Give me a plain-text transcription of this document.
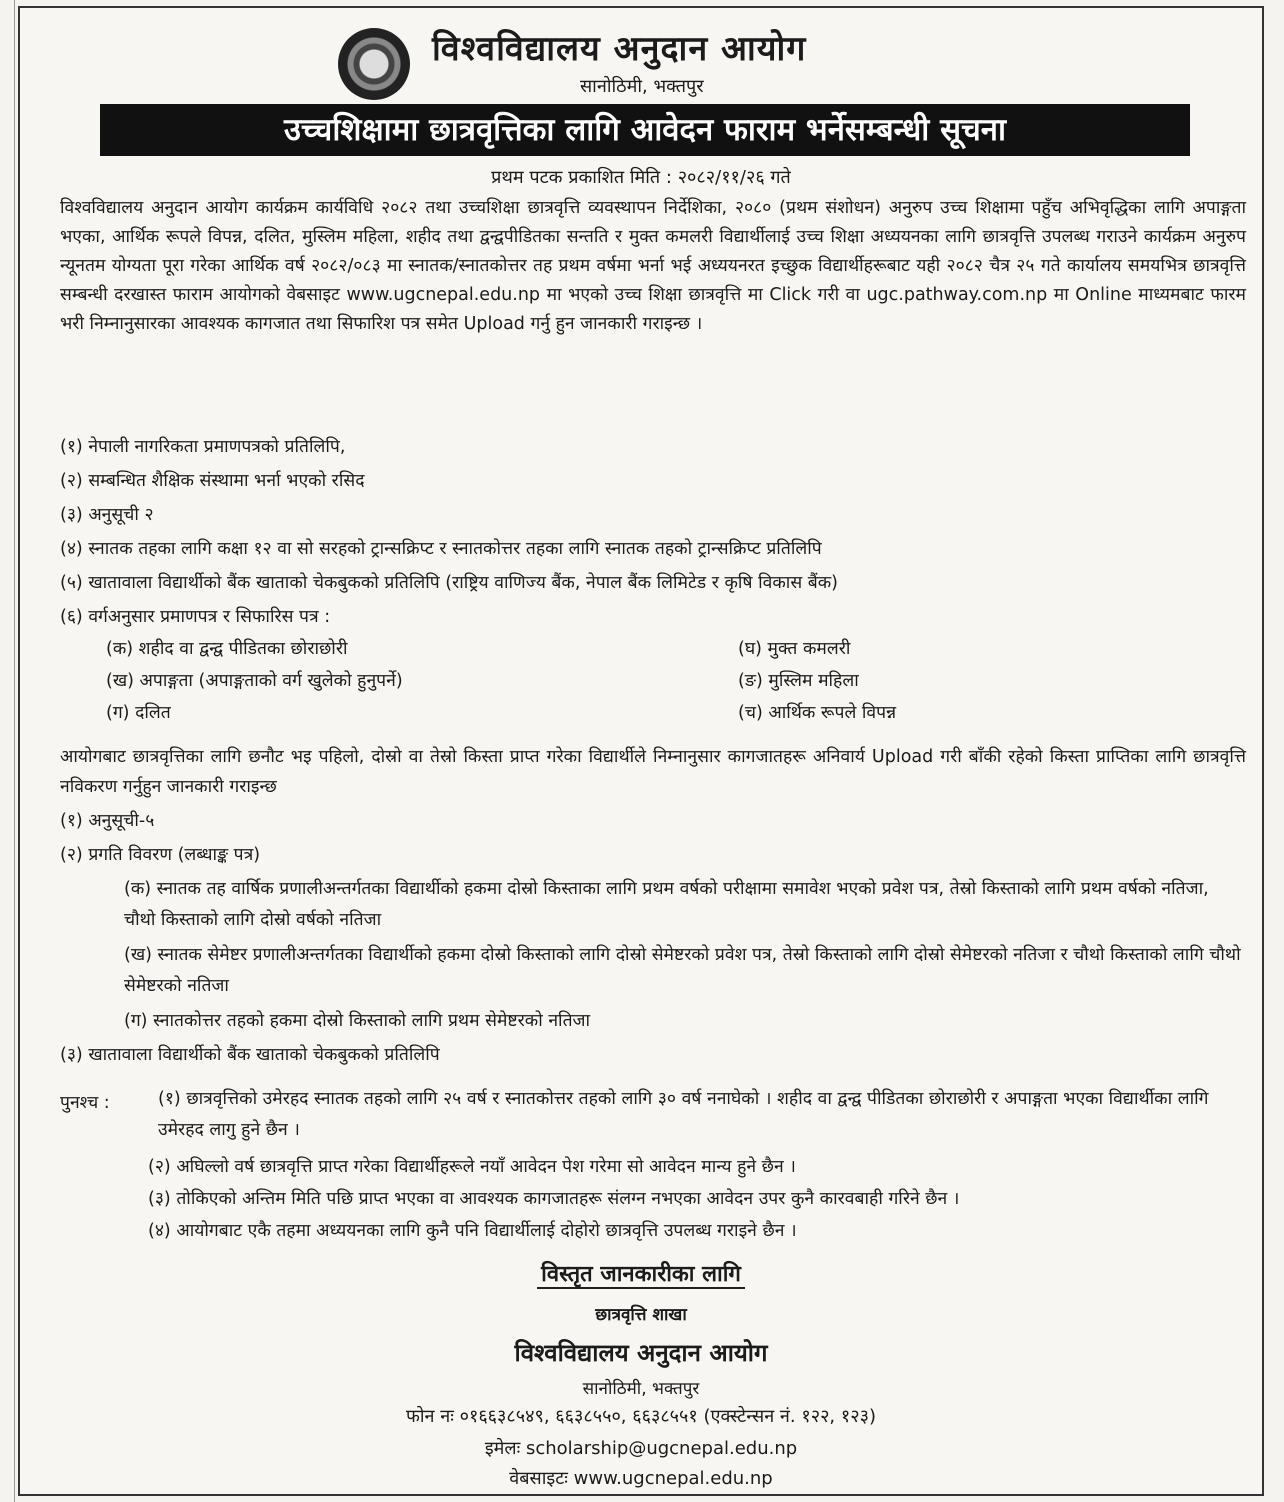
विश्वविद्यालय अनुदान आयोग
सानोठिमी, भक्तपुर
उच्चशिक्षामा छात्रवृत्तिका लागि आवेदन फाराम भर्नेसम्बन्धी सूचना
प्रथम पटक प्रकाशित मिति : २०८२/११/२६ गते
विश्वविद्यालय अनुदान आयोग कार्यक्रम कार्यविधि २०८२ तथा उच्चशिक्षा छात्रवृत्ति व्यवस्थापन निर्देशिका, २०८० (प्रथम संशोधन) अनुरुप उच्च शिक्षामा पहुँच अभिवृद्धिका लागि अपाङ्गता भएका, आर्थिक रूपले विपन्न, दलित, मुस्लिम महिला, शहीद तथा द्वन्द्वपीडितका सन्तति र मुक्त कमलरी विद्यार्थीलाई उच्च शिक्षा अध्ययनका लागि छात्रवृत्ति उपलब्ध गराउने कार्यक्रम अनुरुप न्यूनतम योग्यता पूरा गरेका आर्थिक वर्ष २०८२/०८३ मा स्नातक/स्नातकोत्तर तह प्रथम वर्षमा भर्ना भई अध्ययनरत इच्छुक विद्यार्थीहरूबाट यही २०८२ चैत्र २५ गते कार्यालय समयभित्र छात्रवृत्ति सम्बन्धी दरखास्त फाराम आयोगको वेबसाइट www.ugcnepal.edu.np मा भएको उच्च शिक्षा छात्रवृत्ति मा Click गरी वा ugc.pathway.com.np मा Online माध्यमबाट फारम भरी निम्नानुसारका आवश्यक कागजात तथा सिफारिश पत्र समेत Upload गर्नु हुन जानकारी गराइन्छ ।
(१) नेपाली नागरिकता प्रमाणपत्रको प्रतिलिपि,
(२) सम्बन्धित शैक्षिक संस्थामा भर्ना भएको रसिद
(३) अनुसूची २
(४) स्नातक तहका लागि कक्षा १२ वा सो सरहको ट्रान्सक्रिप्ट र स्नातकोत्तर तहका लागि स्नातक तहको ट्रान्सक्रिप्ट प्रतिलिपि
(५) खातावाला विद्यार्थीको बैंक खाताको चेकबुकको प्रतिलिपि (राष्ट्रिय वाणिज्य बैंक, नेपाल बैंक लिमिटेड र कृषि विकास बैंक)
(६) वर्गअनुसार प्रमाणपत्र र सिफारिस पत्र :
(क) शहीद वा द्वन्द्व पीडितका छोराछोरी	(घ) मुक्त कमलरी
(ख) अपाङ्गता (अपाङ्गताको वर्ग खुलेको हुनुपर्ने)	(ङ) मुस्लिम महिला
(ग) दलित	(च) आर्थिक रूपले विपन्न
आयोगबाट छात्रवृत्तिका लागि छनौट भइ पहिलो, दोस्रो वा तेस्रो किस्ता प्राप्त गरेका विद्यार्थीले निम्नानुसार कागजातहरू अनिवार्य Upload गरी बाँकी रहेको किस्ता प्राप्तिका लागि छात्रवृत्ति नविकरण गर्नुहुन जानकारी गराइन्छ
(१) अनुसूची-५
(२) प्रगति विवरण (लब्धाङ्क पत्र)
(क) स्नातक तह वार्षिक प्रणालीअन्तर्गतका विद्यार्थीको हकमा दोस्रो किस्ताका लागि प्रथम वर्षको परीक्षामा समावेश भएको प्रवेश पत्र, तेस्रो किस्ताको लागि प्रथम वर्षको नतिजा, चौथो किस्ताको लागि दोस्रो वर्षको नतिजा
(ख) स्नातक सेमेष्टर प्रणालीअन्तर्गतका विद्यार्थीको हकमा दोस्रो किस्ताको लागि दोस्रो सेमेष्टरको प्रवेश पत्र, तेस्रो किस्ताको लागि दोस्रो सेमेष्टरको नतिजा र चौथो किस्ताको लागि चौथो सेमेष्टरको नतिजा
(ग) स्नातकोत्तर तहको हकमा दोस्रो किस्ताको लागि प्रथम सेमेष्टरको नतिजा
(३) खातावाला विद्यार्थीको बैंक खाताको चेकबुकको प्रतिलिपि
पुनश्च :	(१) छात्रवृत्तिको उमेरहद स्नातक तहको लागि २५ वर्ष र स्नातकोत्तर तहको लागि ३० वर्ष ननाघेको । शहीद वा द्वन्द्व पीडितका छोराछोरी र अपाङ्गता भएका विद्यार्थीका लागि उमेरहद लागु हुने छैन ।
(२) अघिल्लो वर्ष छात्रवृत्ति प्राप्त गरेका विद्यार्थीहरूले नयाँ आवेदन पेश गरेमा सो आवेदन मान्य हुने छैन ।
(३) तोकिएको अन्तिम मिति पछि प्राप्त भएका वा आवश्यक कागजातहरू संलग्न नभएका आवेदन उपर कुनै कारवबाही गरिने छैन ।
(४) आयोगबाट एकै तहमा अध्ययनका लागि कुनै पनि विद्यार्थीलाई दोहोरो छात्रवृत्ति उपलब्ध गराइने छैन ।
विस्तृत जानकारीका लागि
छात्रवृत्ति शाखा
विश्वविद्यालय अनुदान आयोग
सानोठिमी, भक्तपुर
फोन नः ०१६६३८५४९, ६६३८५५०, ६६३८५५१ (एक्स्टेन्सन नं. १२२, १२३)
इमेलः scholarship@ugcnepal.edu.np
वेबसाइटः www.ugcnepal.edu.np
